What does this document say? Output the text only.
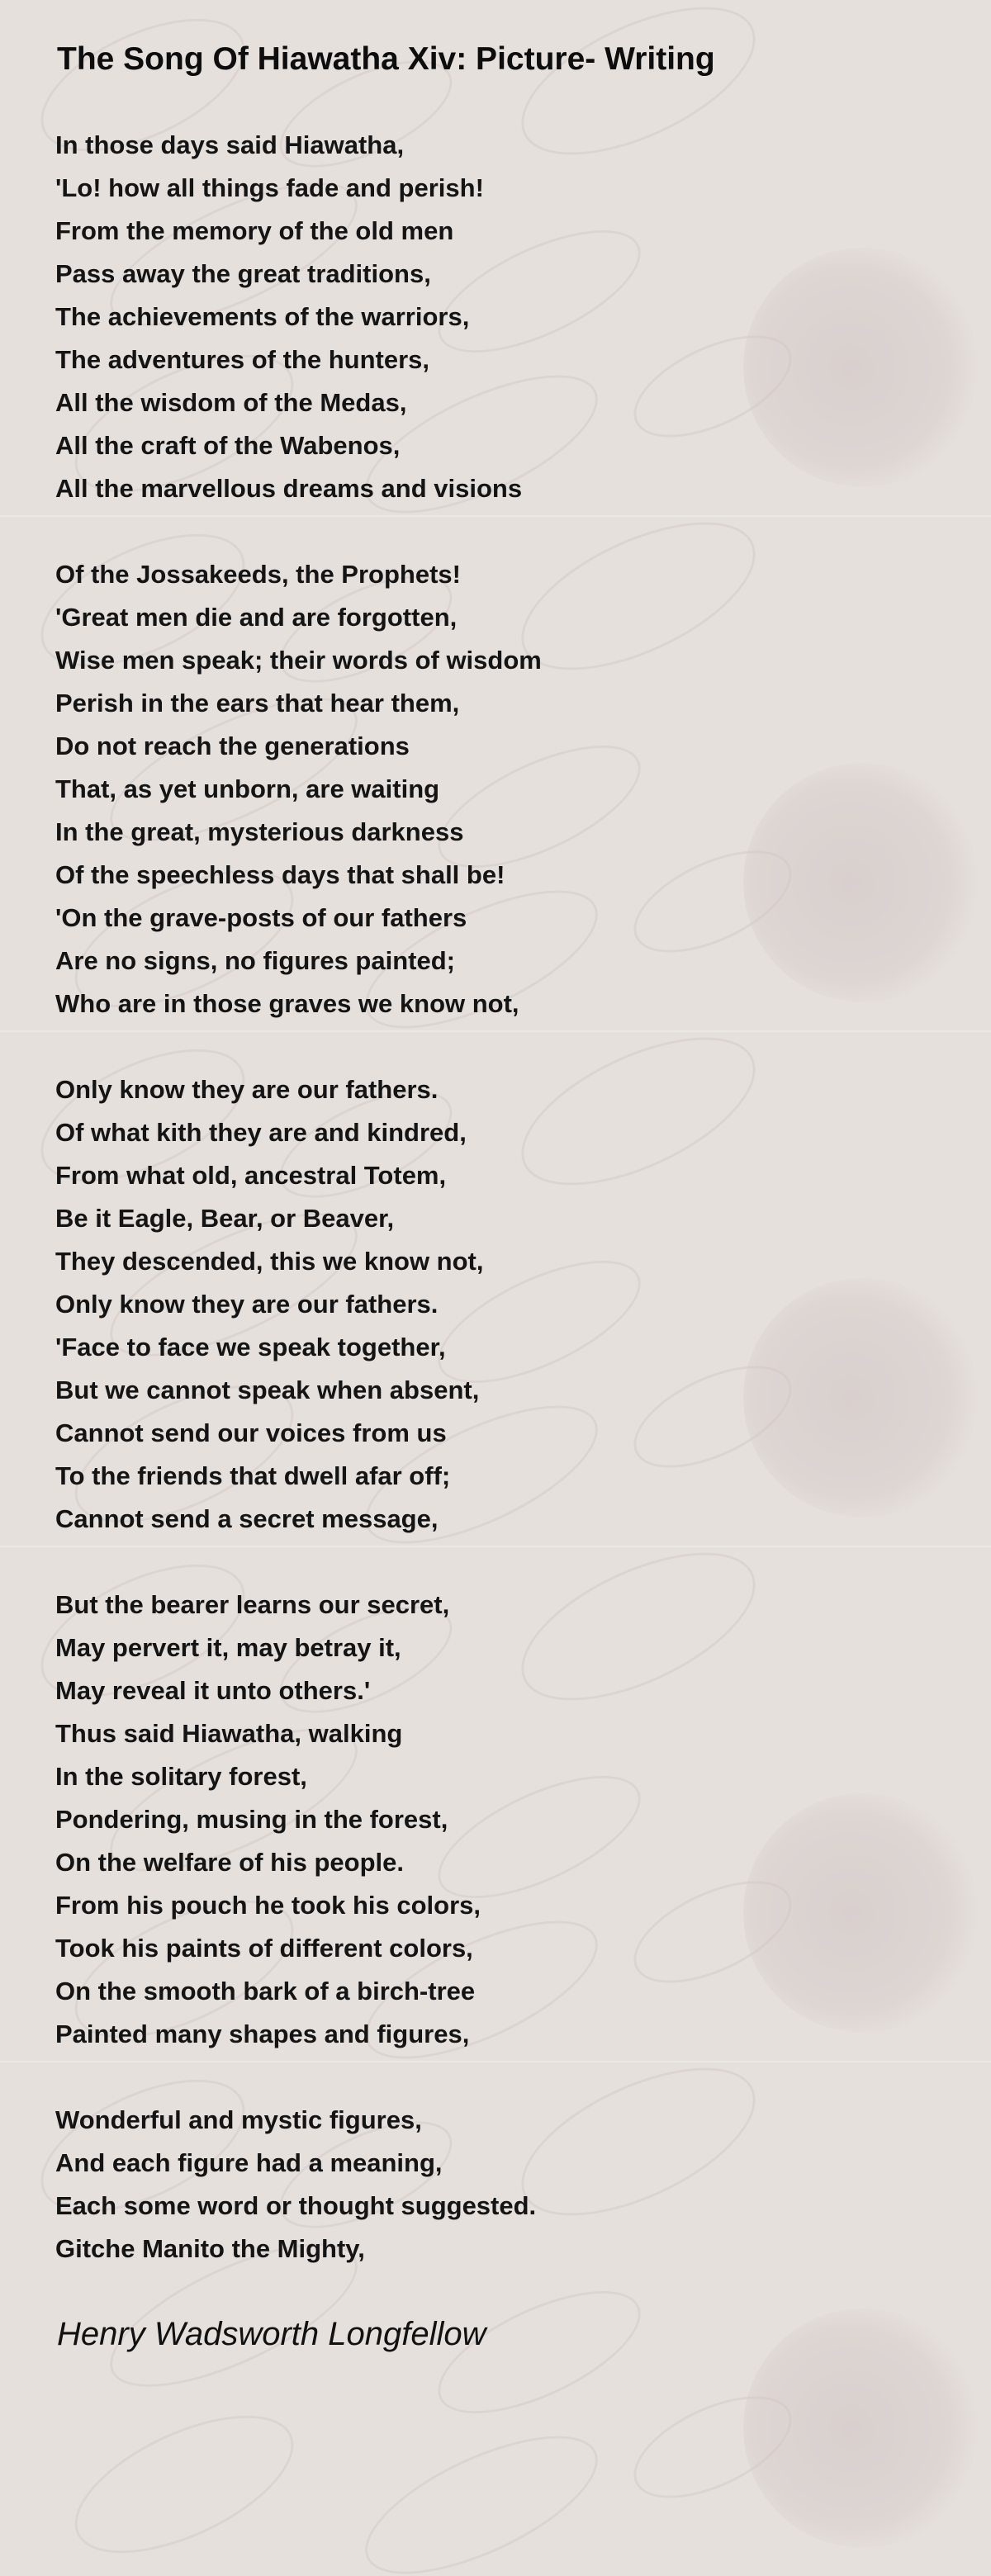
The Song Of Hiawatha Xiv: Picture- Writing
In those days said Hiawatha,
'Lo! how all things fade and perish!
From the memory of the old men
Pass away the great traditions,
The achievements of the warriors,
The adventures of the hunters,
All the wisdom of the Medas,
All the craft of the Wabenos,
All the marvellous dreams and visions
Of the Jossakeeds, the Prophets!
'Great men die and are forgotten,
Wise men speak; their words of wisdom
Perish in the ears that hear them,
Do not reach the generations
That, as yet unborn, are waiting
In the great, mysterious darkness
Of the speechless days that shall be!
'On the grave-posts of our fathers
Are no signs, no figures painted;
Who are in those graves we know not,
Only know they are our fathers.
Of what kith they are and kindred,
From what old, ancestral Totem,
Be it Eagle, Bear, or Beaver,
They descended, this we know not,
Only know they are our fathers.
'Face to face we speak together,
But we cannot speak when absent,
Cannot send our voices from us
To the friends that dwell afar off;
Cannot send a secret message,
But the bearer learns our secret,
May pervert it, may betray it,
May reveal it unto others.'
Thus said Hiawatha, walking
In the solitary forest,
Pondering, musing in the forest,
On the welfare of his people.
From his pouch he took his colors,
Took his paints of different colors,
On the smooth bark of a birch-tree
Painted many shapes and figures,
Wonderful and mystic figures,
And each figure had a meaning,
Each some word or thought suggested.
Gitche Manito the Mighty,

Henry Wadsworth Longfellow
